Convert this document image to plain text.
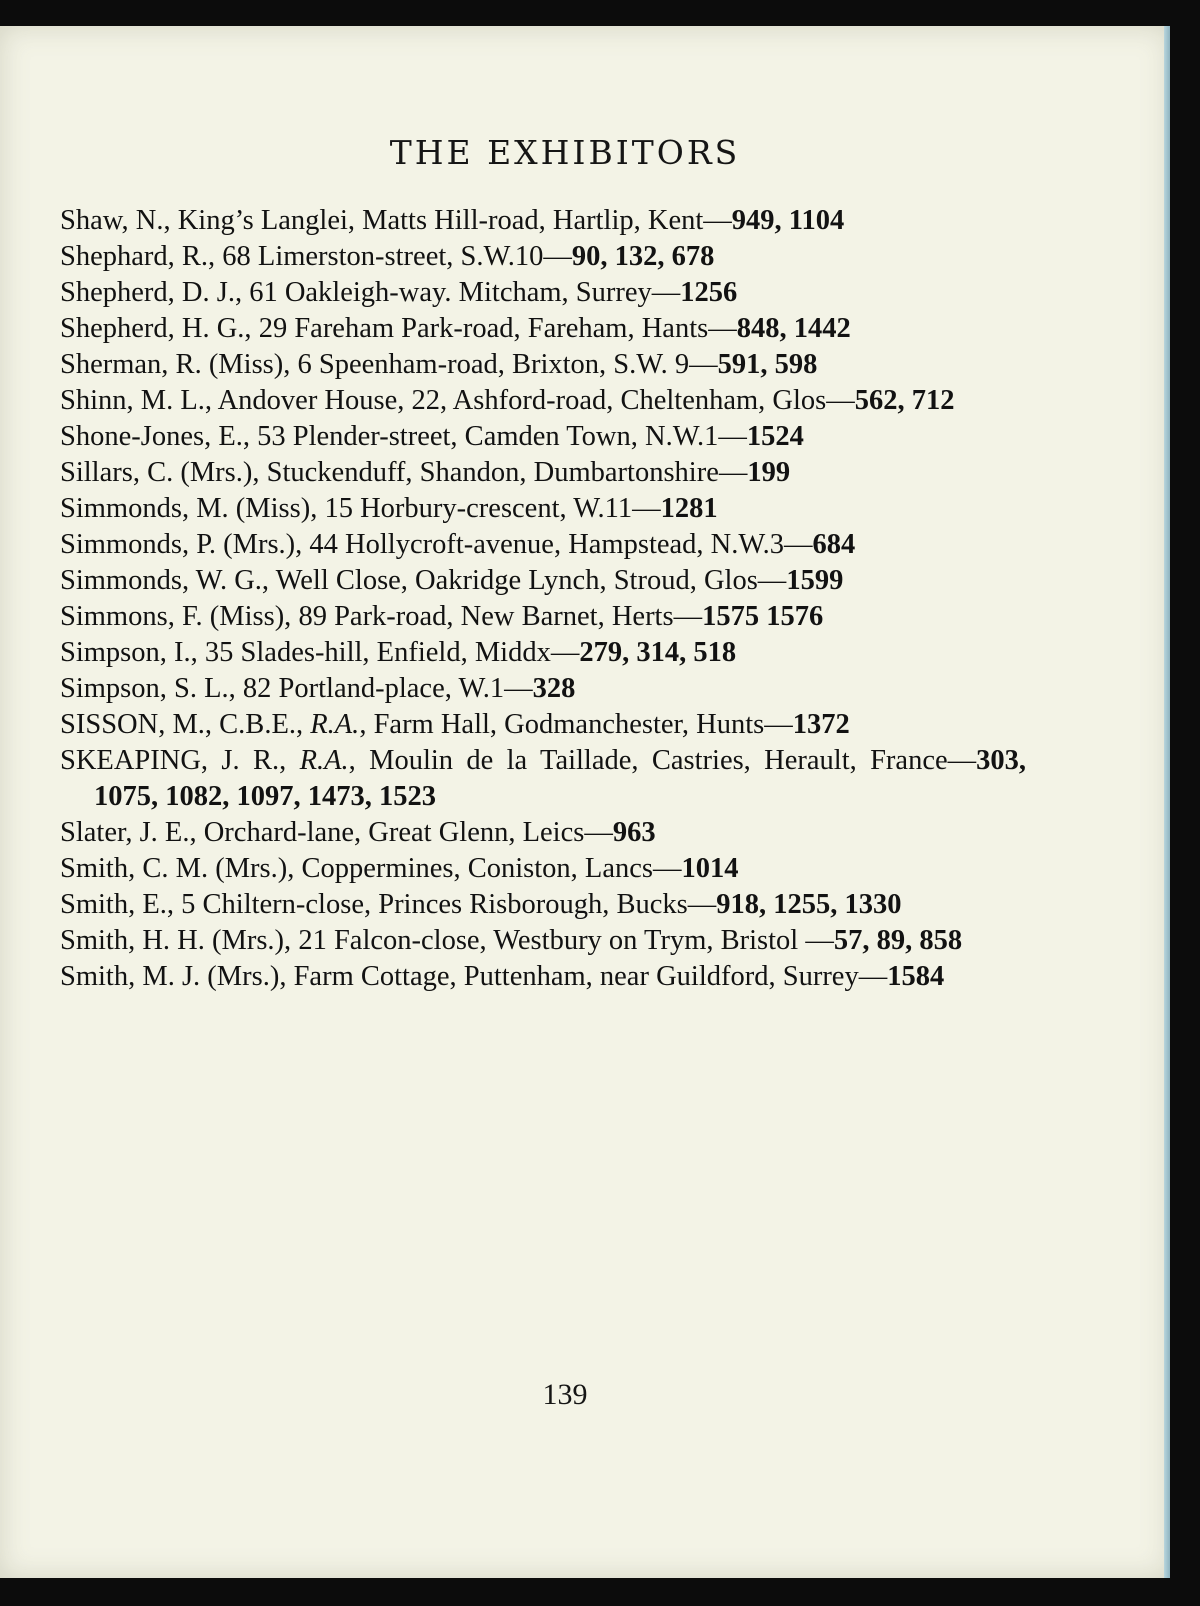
THE EXHIBITORS
Shaw, N., King’s Langlei, Matts Hill-road, Hartlip, Kent—949, 1104
Shephard, R., 68 Limerston-street, S.W.10—90, 132, 678
Shepherd, D. J., 61 Oakleigh-way. Mitcham, Surrey—1256
Shepherd, H. G., 29 Fareham Park-road, Fareham, Hants—848, 1442
Sherman, R. (Miss), 6 Speenham-road, Brixton, S.W. 9—591, 598
Shinn, M. L., Andover House, 22, Ashford-road, Cheltenham, Glos—562, 712
Shone-Jones, E., 53 Plender-street, Camden Town, N.W.1—1524
Sillars, C. (Mrs.), Stuckenduff, Shandon, Dumbartonshire—199
Simmonds, M. (Miss), 15 Horbury-crescent, W.11—1281
Simmonds, P. (Mrs.), 44 Hollycroft-avenue, Hampstead, N.W.3—684
Simmonds, W. G., Well Close, Oakridge Lynch, Stroud, Glos—1599
Simmons, F. (Miss), 89 Park-road, New Barnet, Herts—1575 1576
Simpson, I., 35 Slades-hill, Enfield, Middx—279, 314, 518
Simpson, S. L., 82 Portland-place, W.1—328
SISSON, M., C.B.E., R.A., Farm Hall, Godmanchester, Hunts—1372
SKEAPING, J. R., R.A., Moulin de la Taillade, Castries, Herault, France—303, 1075, 1082, 1097, 1473, 1523
Slater, J. E., Orchard-lane, Great Glenn, Leics—963
Smith, C. M. (Mrs.), Coppermines, Coniston, Lancs—1014
Smith, E., 5 Chiltern-close, Princes Risborough, Bucks—918, 1255, 1330
Smith, H. H. (Mrs.), 21 Falcon-close, Westbury on Trym, Bristol —57, 89, 858
Smith, M. J. (Mrs.), Farm Cottage, Puttenham, near Guildford, Surrey—1584
139
